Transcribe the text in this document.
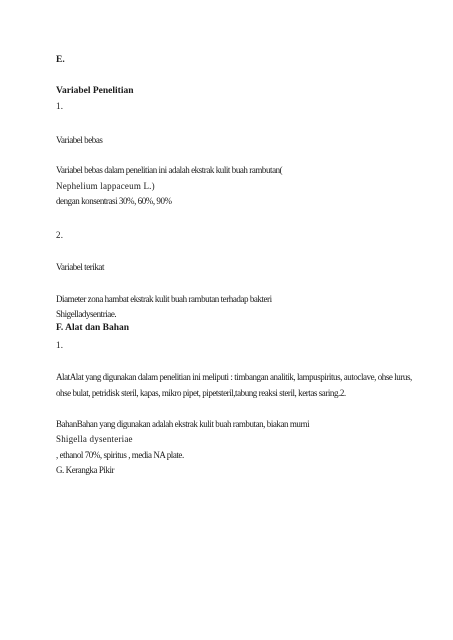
E.
Variabel Penelitian
1.
Variabel bebas
Variabel bebas dalam penelitian ini adalah ekstrak kulit buah rambutan(
Nephelium lappaceum L.)
dengan konsentrasi 30%, 60%, 90%
2.
Variabel terikat
Diameter zona hambat ekstrak kulit buah rambutan terhadap bakteri
Shigelladysentriae.
F. Alat dan Bahan
1.
AlatAlat yang digunakan dalam penelitian ini meliputi : timbangan analitik, lampuspiritus, autoclave, ohse lurus,
ohse bulat, petridisk steril, kapas, mikro pipet, pipetsteril,tabung reaksi steril, kertas saring.2.
BahanBahan yang digunakan adalah ekstrak kulit buah rambutan, biakan murni
Shigella dysenteriae
, ethanol 70%, spiritus , media NA plate.
G. Kerangka Pikir
